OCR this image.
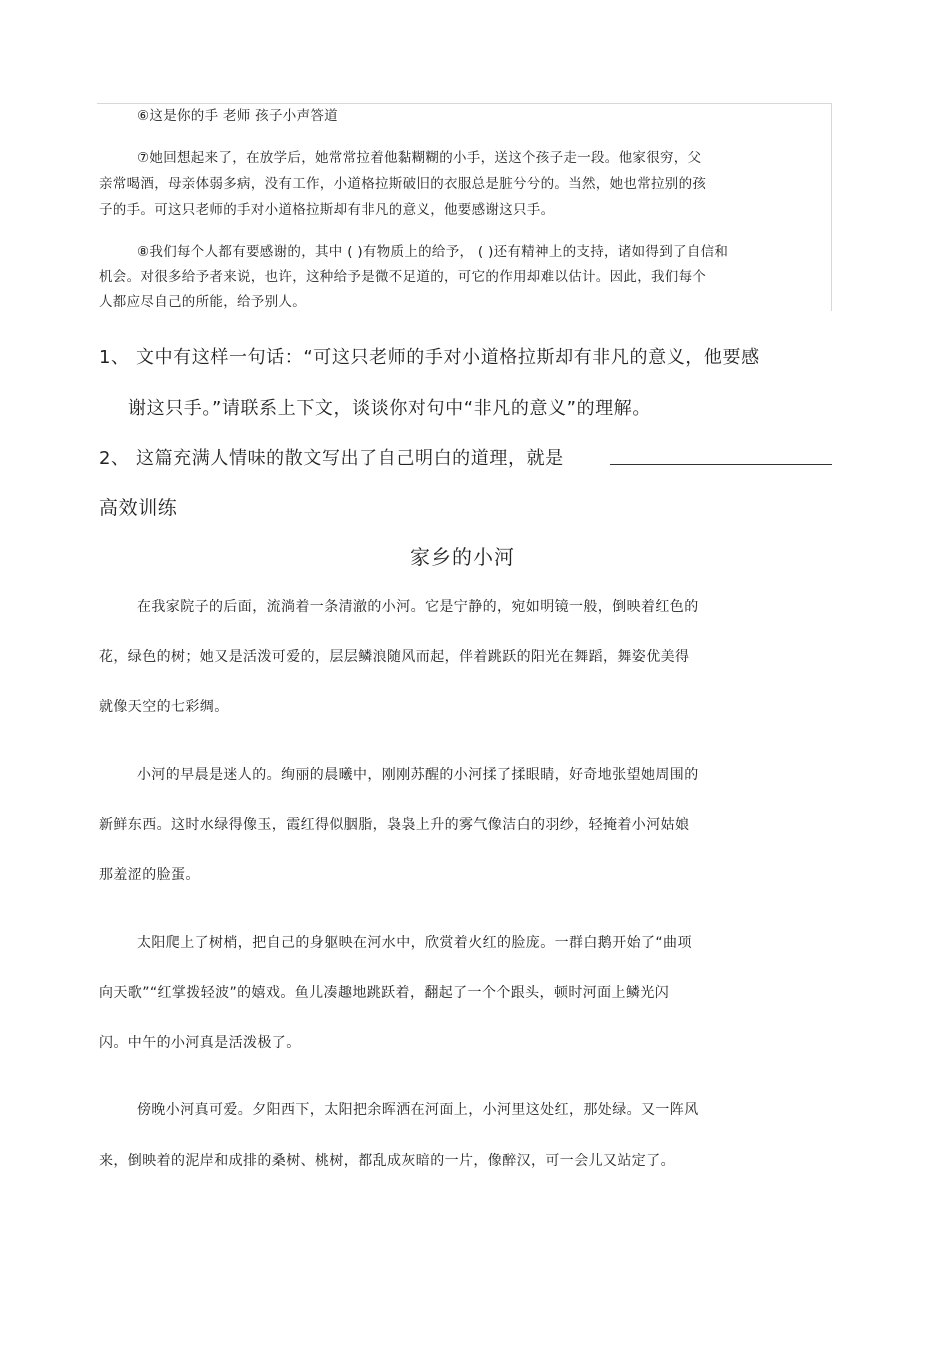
⑥这是你的手 老师 孩子小声答道
⑦她回想起来了，在放学后，她常常拉着他黏糊糊的小手，送这个孩子走一段。他家很穷，父
亲常喝酒，母亲体弱多病，没有工作，小道格拉斯破旧的衣服总是脏兮兮的。当然，她也常拉别的孩
子的手。可这只老师的手对小道格拉斯却有非凡的意义，他要感谢这只手。
⑧我们每个人都有要感谢的，其中 ( )有物质上的给予， ( )还有精神上的支持，诸如得到了自信和
机会。对很多给予者来说，也许，这种给予是微不足道的，可它的作用却难以估计。因此，我们每个
人都应尽自己的所能，给予别人。
1、 文中有这样一句话：“可这只老师的手对小道格拉斯却有非凡的意义，他要感
谢这只手。”请联系上下文，谈谈你对句中“非凡的意义”的理解。
2、 这篇充满人情味的散文写出了自己明白的道理，就是
高效训练
家乡的小河
在我家院子的后面，流淌着一条清澈的小河。它是宁静的，宛如明镜一般，倒映着红色的
花，绿色的树；她又是活泼可爱的，层层鳞浪随风而起，伴着跳跃的阳光在舞蹈，舞姿优美得
就像天空的七彩绸。
小河的早晨是迷人的。绚丽的晨曦中，刚刚苏醒的小河揉了揉眼睛，好奇地张望她周围的
新鲜东西。这时水绿得像玉，霞红得似胭脂，袅袅上升的雾气像洁白的羽纱，轻掩着小河姑娘
那羞涩的脸蛋。
太阳爬上了树梢，把自己的身躯映在河水中，欣赏着火红的脸庞。一群白鹅开始了“曲项
向天歌”“红掌拨轻波”的嬉戏。鱼儿凑趣地跳跃着，翻起了一个个跟头，顿时河面上鳞光闪
闪。中午的小河真是活泼极了。
傍晚小河真可爱。夕阳西下，太阳把余晖洒在河面上，小河里这处红，那处绿。又一阵风
来，倒映着的泥岸和成排的桑树、桃树，都乱成灰暗的一片，像醉汉，可一会儿又站定了。
